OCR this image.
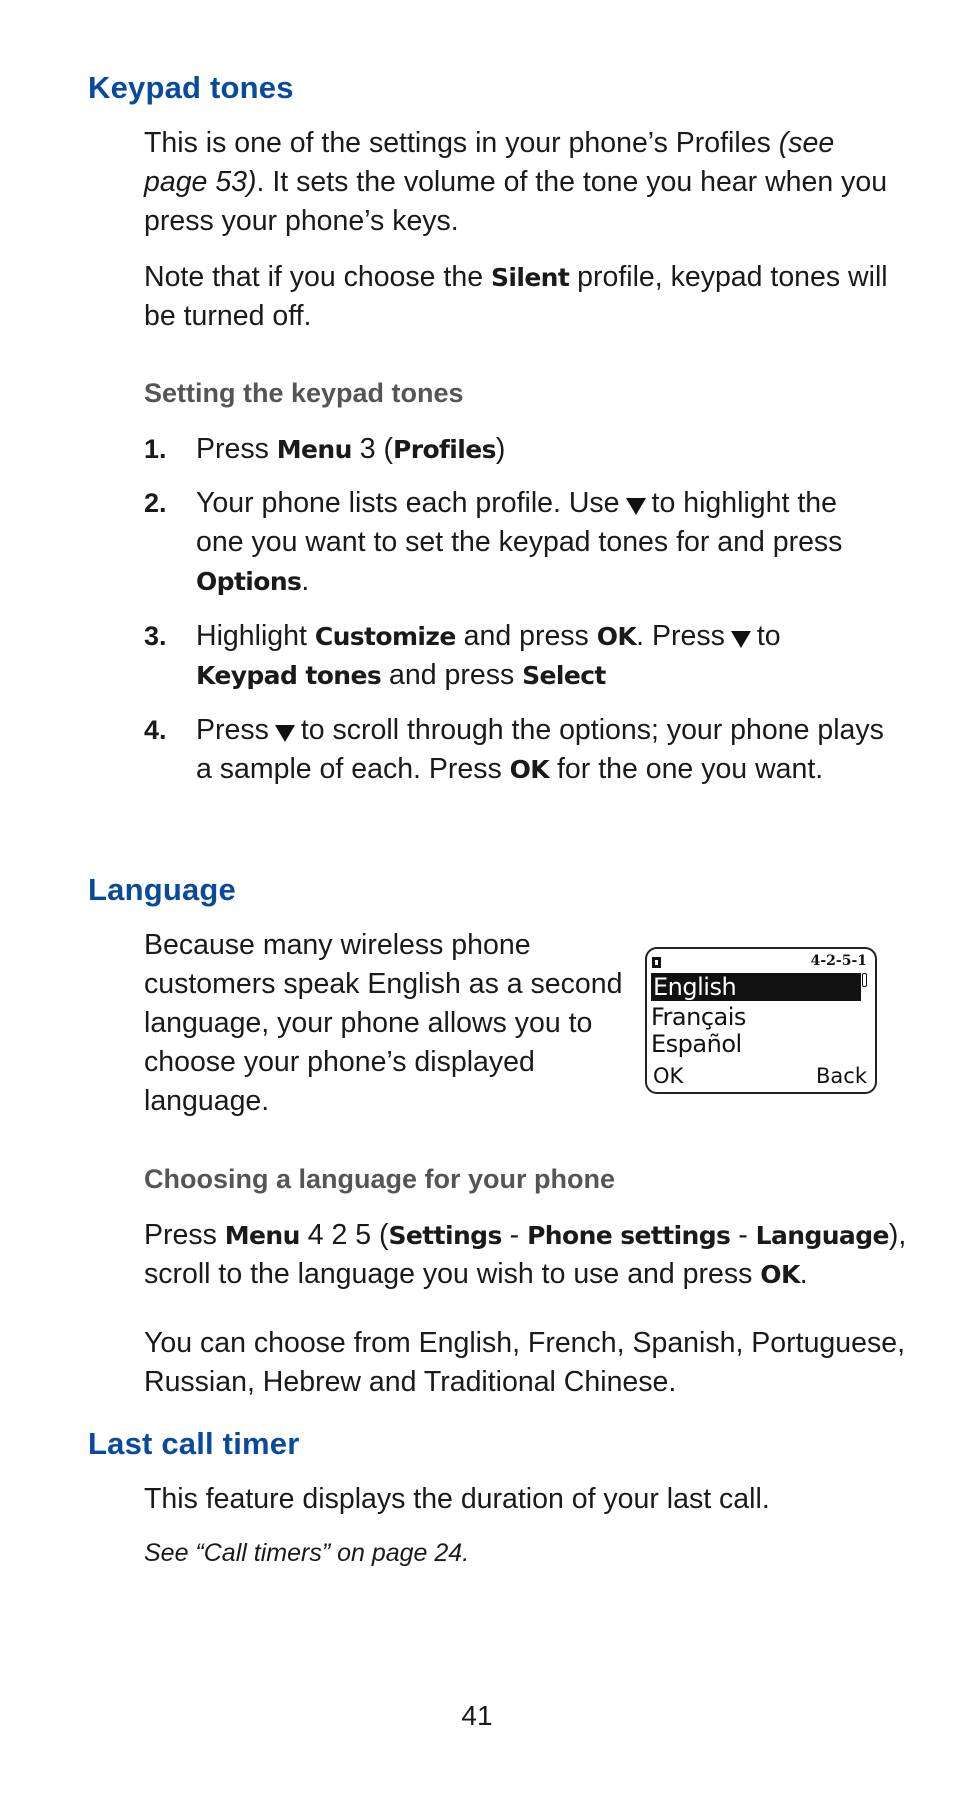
Keypad tones

This is one of the settings in your phone’s Profiles (see page 53). It sets the volume of the tone you hear when you press your phone’s keys.

Note that if you choose the Silent profile, keypad tones will be turned off.

Setting the keypad tones
1. Press Menu 3 (Profiles)
2. Your phone lists each profile. Use to highlight the one you want to set the keypad tones for and press Options.
3. Highlight Customize and press OK. Press to
Keypad tones and press Select
4. Press to scroll through the options; your phone plays a sample of each. Press OK for the one you want.
Language

Because many wireless phone customers speak English as a second language, your phone allows you to choose your phone’s displayed language.

4-2-5-1
English
Français
Español
OK	Back
Choosing a language for your phone

Press Menu 4 2 5 (Settings - Phone settings - Language), scroll to the language you wish to use and press OK.

You can choose from English, French, Spanish, Portuguese, Russian, Hebrew and Traditional Chinese.

Last call timer

This feature displays the duration of your last call.

See “Call timers” on page 24.

41
